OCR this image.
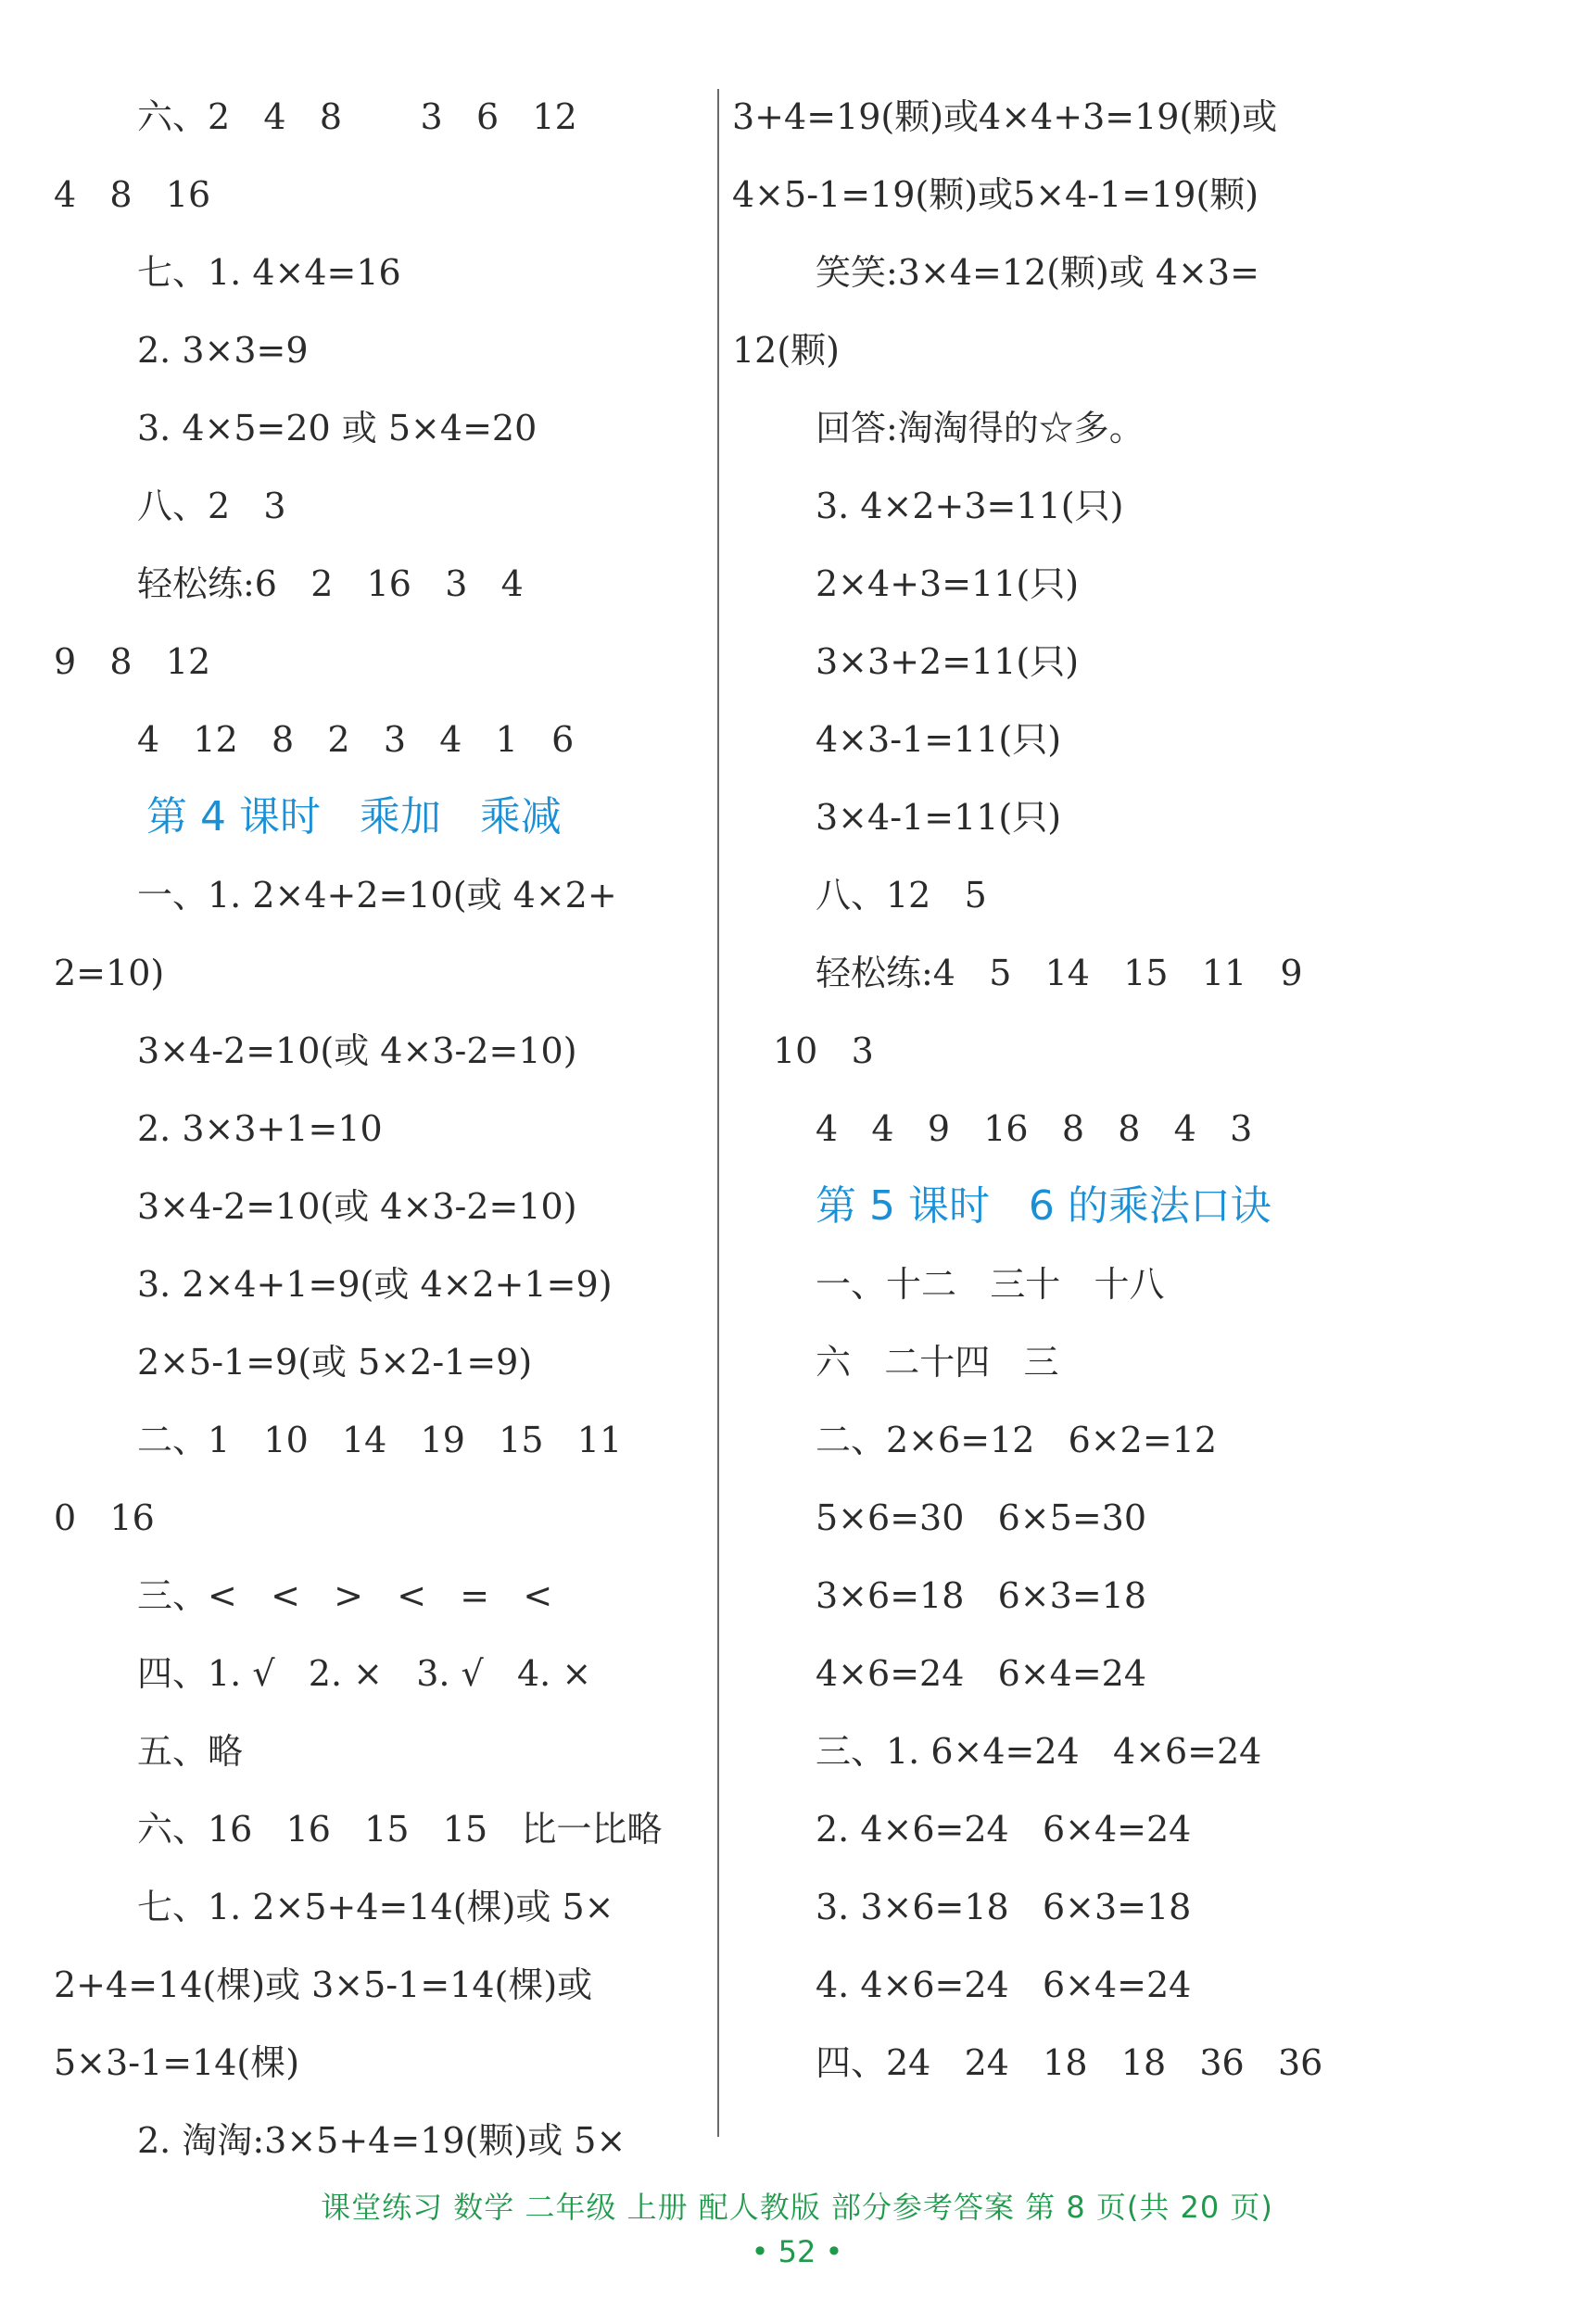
六、2   4   8       3   6   12
4   8   16
七、1. 4×4=16
2. 3×3=9
3. 4×5=20 或 5×4=20
八、2   3
轻松练:6   2   16   3   4
9   8   12
4   12   8   2   3   4   1   6
第 4 课时   乘加   乘减
一、1. 2×4+2=10(或 4×2+
2=10)
3×4-2=10(或 4×3-2=10)
2. 3×3+1=10
3×4-2=10(或 4×3-2=10)
3. 2×4+1=9(或 4×2+1=9)
2×5-1=9(或 5×2-1=9)
二、1   10   14   19   15   11
0   16
三、<   <   >   <   =   <
四、1. √   2. ×   3. √   4. ×
五、略
六、16   16   15   15   比一比略
七、1. 2×5+4=14(棵)或 5×
2+4=14(棵)或 3×5-1=14(棵)或
5×3-1=14(棵)
2. 淘淘:3×5+4=19(颗)或 5×
3+4=19(颗)或4×4+3=19(颗)或
4×5-1=19(颗)或5×4-1=19(颗)
笑笑:3×4=12(颗)或 4×3=
12(颗)
回答:淘淘得的☆多。
3. 4×2+3=11(只)
2×4+3=11(只)
3×3+2=11(只)
4×3-1=11(只)
3×4-1=11(只)
八、12   5
轻松练:4   5   14   15   11   9
10   3
4   4   9   16   8   8   4   3
第 5 课时   6 的乘法口诀
一、十二   三十   十八
六   二十四   三
二、2×6=12   6×2=12
5×6=30   6×5=30
3×6=18   6×3=18
4×6=24   6×4=24
三、1. 6×4=24   4×6=24
2. 4×6=24   6×4=24
3. 3×6=18   6×3=18
4. 4×6=24   6×4=24
四、24   24   18   18   36   36
课堂练习 数学 二年级 上册 配人教版 部分参考答案 第 8 页(共 20 页)
• 52 •
